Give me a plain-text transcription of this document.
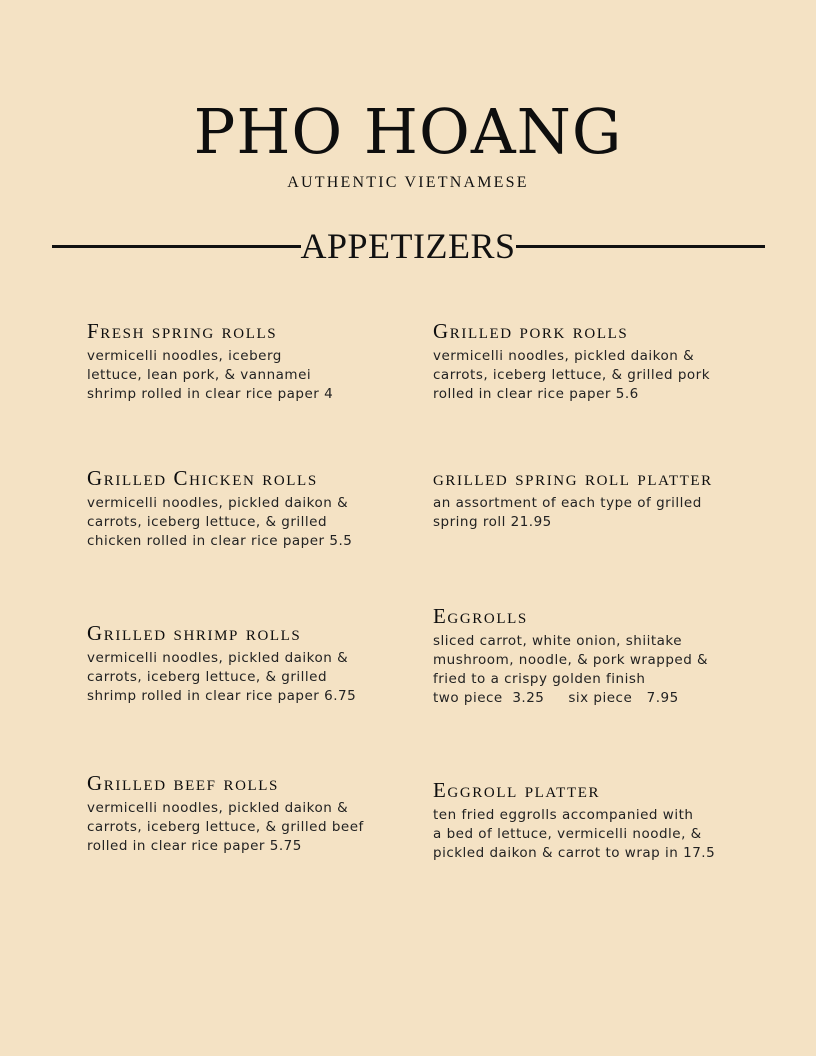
PHO HOANG
AUTHENTIC VIETNAMESE
APPETIZERS
Fresh spring rolls
vermicelli noodles, iceberg
lettuce, lean pork, & vannamei
shrimp rolled in clear rice paper 4
Grilled Chicken rolls
vermicelli noodles, pickled daikon &
carrots, iceberg lettuce, & grilled
chicken rolled in clear rice paper 5.5
Grilled shrimp rolls
vermicelli noodles, pickled daikon &
carrots, iceberg lettuce, & grilled
shrimp rolled in clear rice paper 6.75
Grilled beef rolls
vermicelli noodles, pickled daikon &
carrots, iceberg lettuce, & grilled beef
rolled in clear rice paper 5.75
Grilled pork rolls
vermicelli noodles, pickled daikon &
carrots, iceberg lettuce, & grilled pork
rolled in clear rice paper 5.6
grilled spring roll platter
an assortment of each type of grilled
spring roll 21.95
Eggrolls
sliced carrot, white onion, shiitake
mushroom, noodle, & pork wrapped &
fried to a crispy golden finish
two piece  3.25     six piece   7.95
Eggroll platter
ten fried eggrolls accompanied with
a bed of lettuce, vermicelli noodle, &
pickled daikon & carrot to wrap in 17.5
